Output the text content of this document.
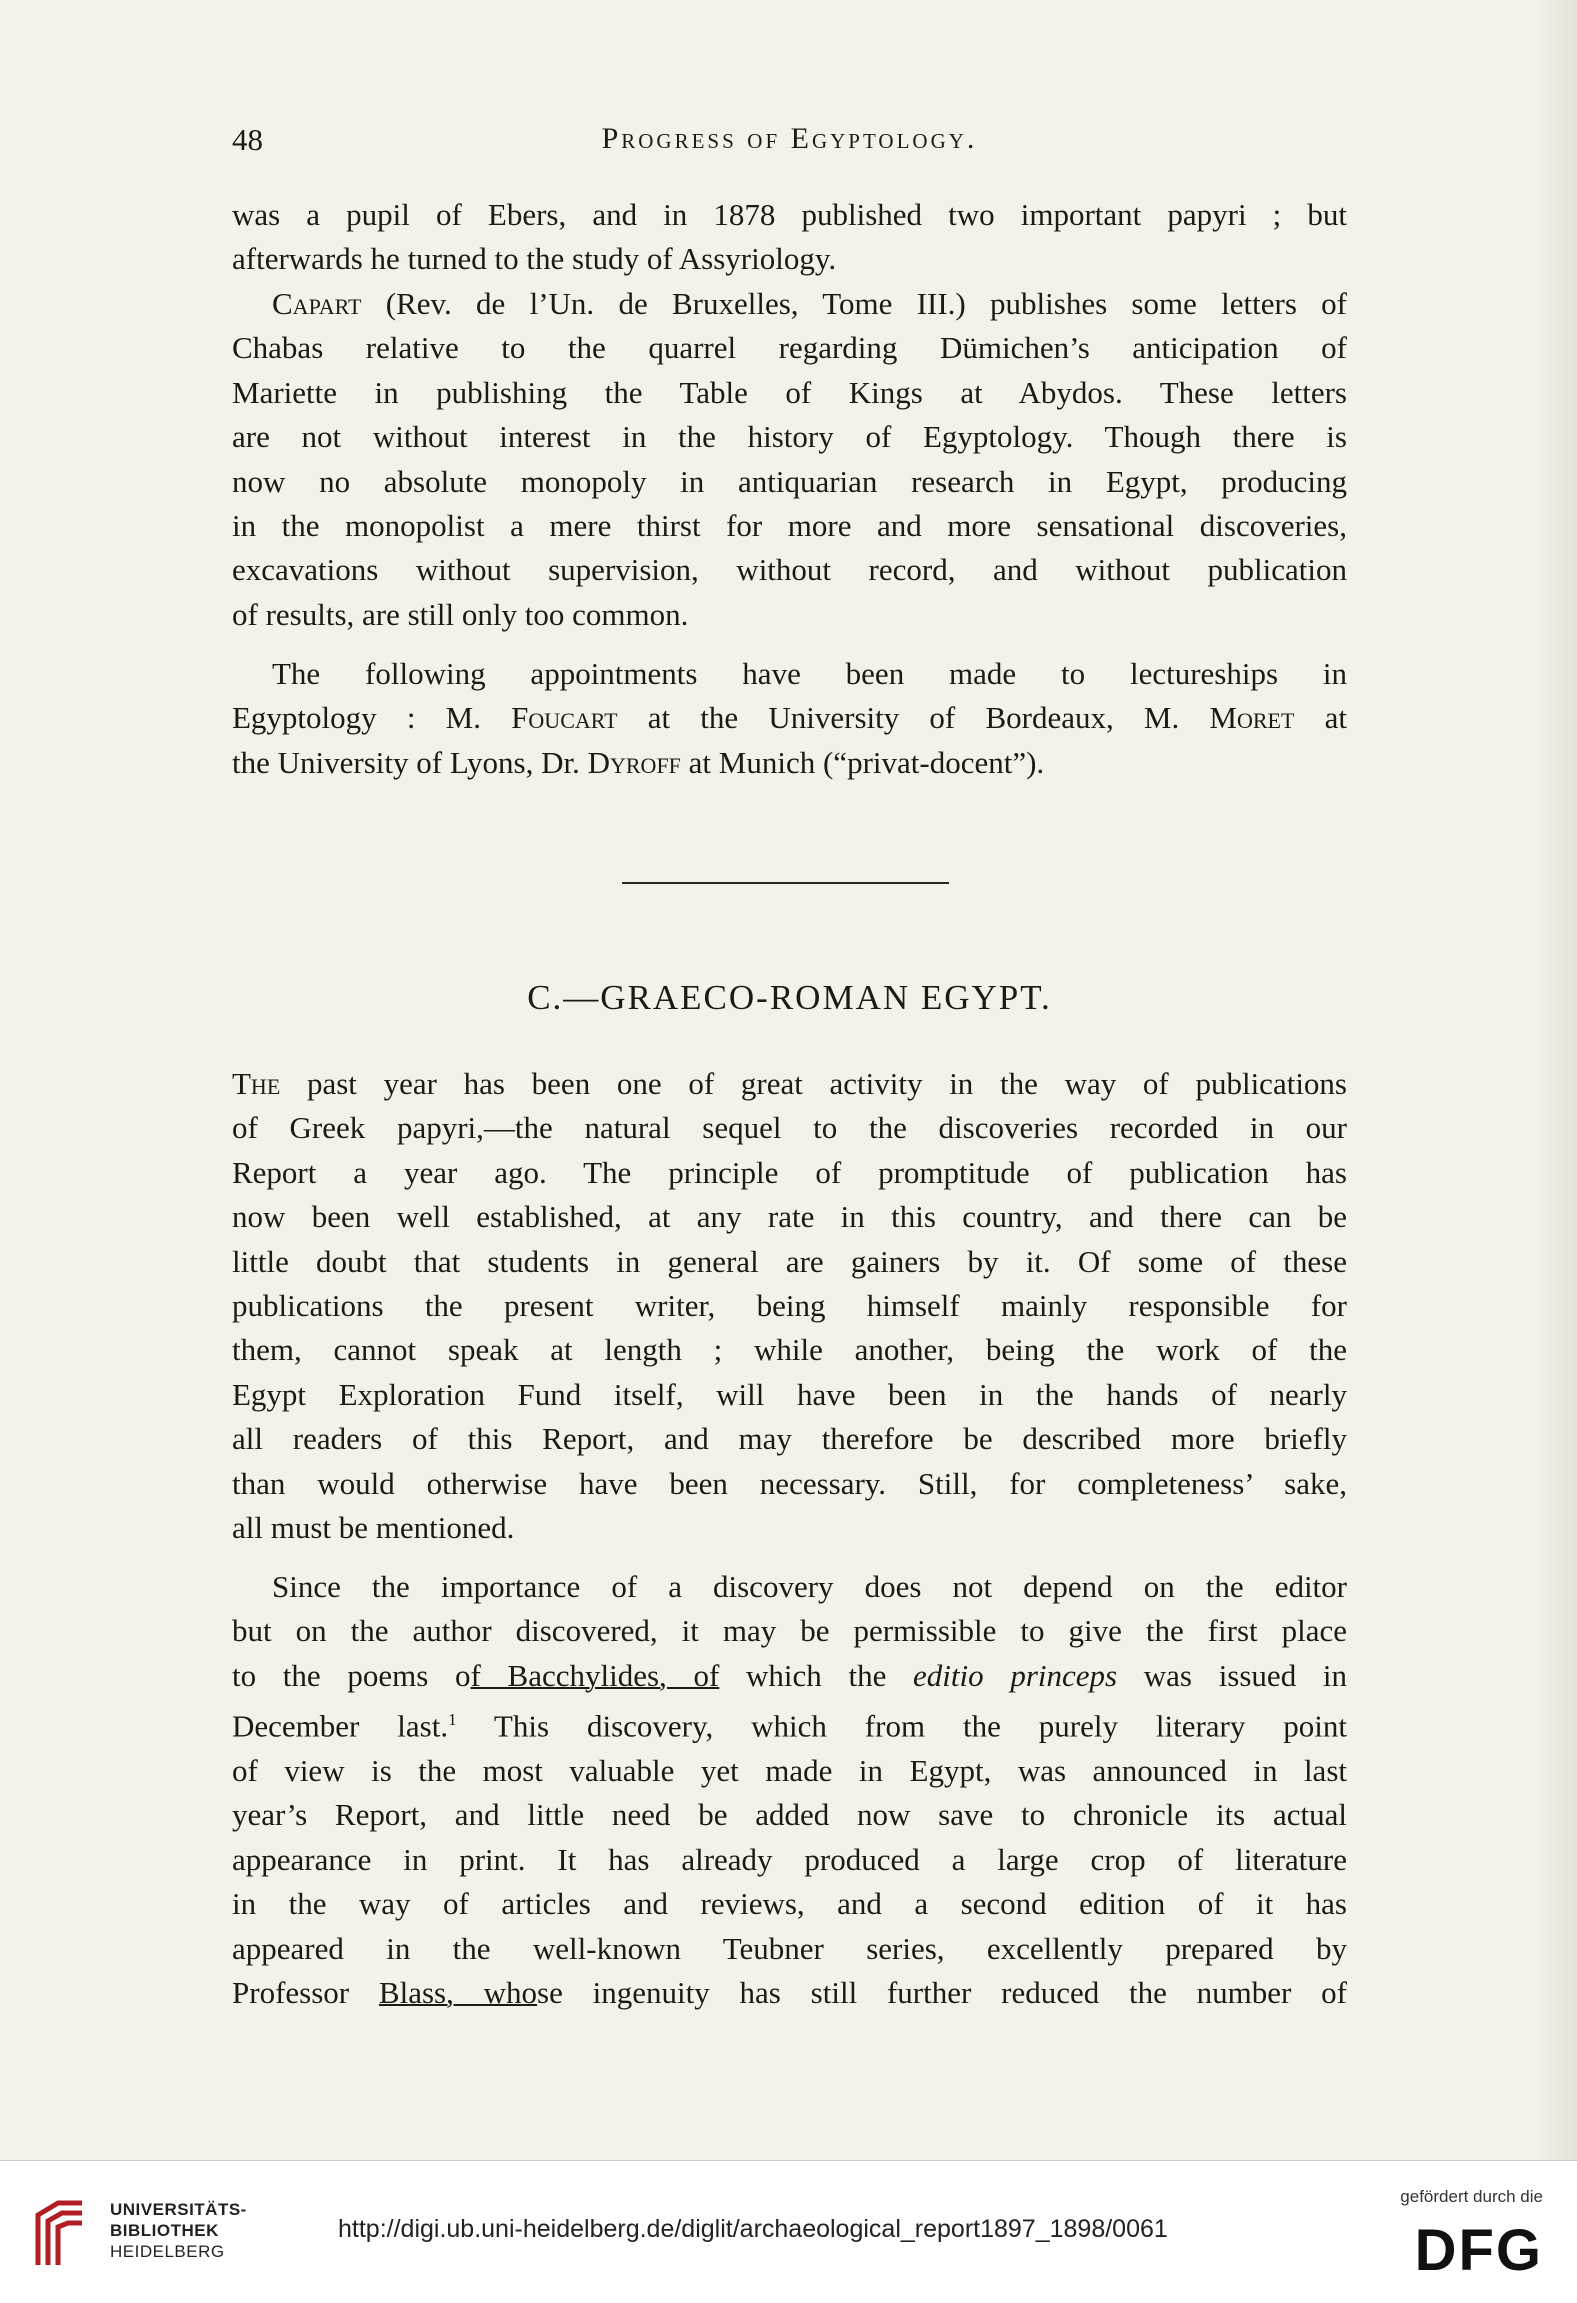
48	Progress of Egyptology.
was a pupil of Ebers, and in 1878 published two important papyri ; but
afterwards he turned to the study of Assyriology.
Capart (Rev. de l’Un. de Bruxelles, Tome III.) publishes some letters of
Chabas relative to the quarrel regarding Dümichen’s anticipation of
Mariette in publishing the Table of Kings at Abydos. These letters
are not without interest in the history of Egyptology. Though there is
now no absolute monopoly in antiquarian research in Egypt, producing
in the monopolist a mere thirst for more and more sensational discoveries,
excavations without supervision, without record, and without publication
of results, are still only too common.
The following appointments have been made to lectureships in
Egyptology : M. Foucart at the University of Bordeaux, M. Moret at
the University of Lyons, Dr. Dyroff at Munich (“privat-docent”).
C.—GRAECO-ROMAN EGYPT.
The past year has been one of great activity in the way of publications
of Greek papyri,—the natural sequel to the discoveries recorded in our
Report a year ago. The principle of promptitude of publication has
now been well established, at any rate in this country, and there can be
little doubt that students in general are gainers by it. Of some of these
publications the present writer, being himself mainly responsible for
them, cannot speak at length ; while another, being the work of the
Egypt Exploration Fund itself, will have been in the hands of nearly
all readers of this Report, and may therefore be described more briefly
than would otherwise have been necessary. Still, for completeness’ sake,
all must be mentioned.
Since the importance of a discovery does not depend on the editor
but on the author discovered, it may be permissible to give the first place
to the poems of Bacchylides, of which the editio princeps was issued in
December last.$^1$ This discovery, which from the purely literary point
of view is the most valuable yet made in Egypt, was announced in last
year’s Report, and little need be added now save to chronicle its actual
appearance in print. It has already produced a large crop of literature
in the way of articles and reviews, and a second edition of it has
appeared in the well-known Teubner series, excellently prepared by
Professor Blass, whose ingenuity has still further reduced the number of
UNIVERSITÄTS-
BIBLIOTHEK
HEIDELBERG
http://digi.ub.uni-heidelberg.de/diglit/archaeological_report1897_1898/0061
gefördert durch die
DFG
